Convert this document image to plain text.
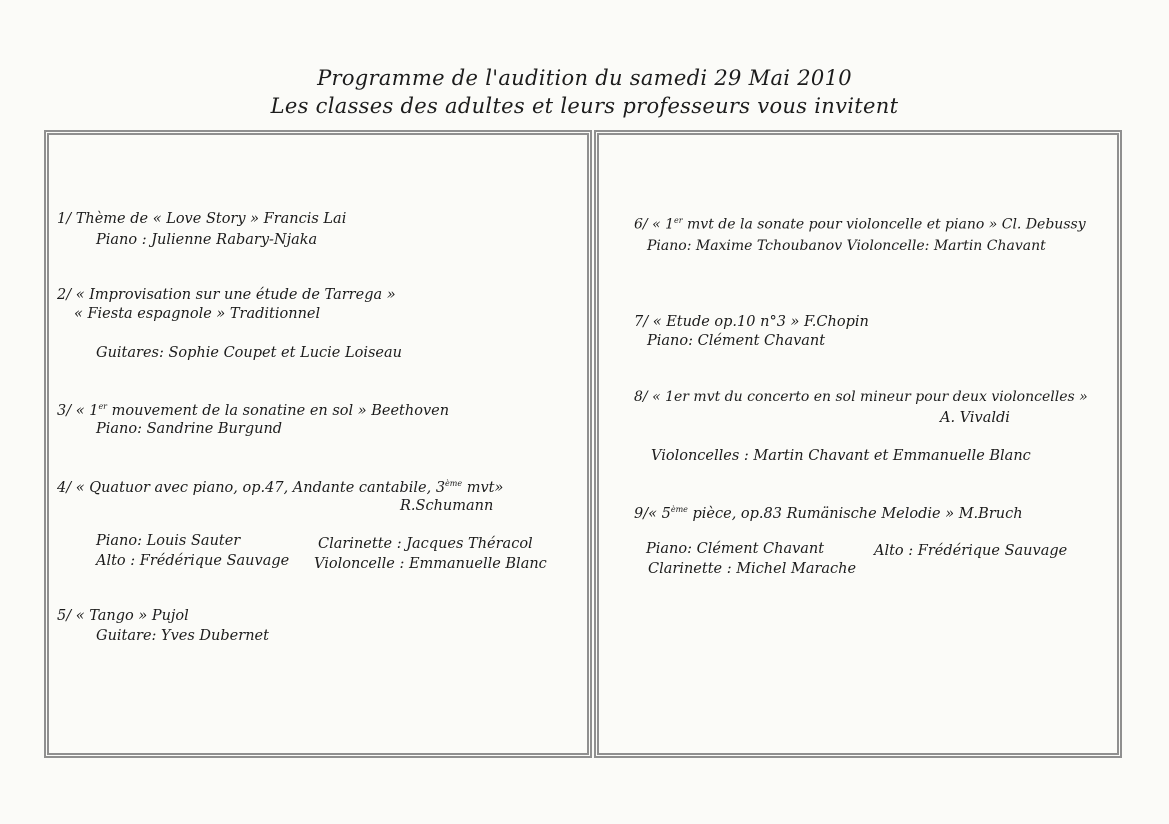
Programme de l'audition du samedi 29 Mai 2010
Les classes des adultes et leurs professeurs vous invitent
1/ Thème de « Love Story » Francis Lai
Piano : Julienne Rabary-Njaka
2/ « Improvisation sur une étude de Tarrega »
« Fiesta espagnole » Traditionnel
Guitares: Sophie Coupet et Lucie Loiseau
3/ « 1er mouvement de la sonatine en sol » Beethoven
Piano: Sandrine Burgund
4/ « Quatuor avec piano, op.47, Andante cantabile, 3ème mvt»
R.Schumann
Piano: Louis Sauter
Alto : Frédérique Sauvage
Clarinette : Jacques Théracol
Violoncelle : Emmanuelle Blanc
5/ « Tango » Pujol
Guitare: Yves Dubernet
6/ « 1er mvt de la sonate pour violoncelle et piano » Cl. Debussy
Piano: Maxime Tchoubanov Violoncelle: Martin Chavant
7/ « Etude op.10 n°3 » F.Chopin
Piano: Clément Chavant
8/ « 1er mvt du concerto en sol mineur pour deux violoncelles »
A. Vivaldi
Violoncelles : Martin Chavant et Emmanuelle Blanc
9/« 5ème pièce, op.83 Rumänische Melodie » M.Bruch
Piano: Clément Chavant	Alto : Frédérique Sauvage
Clarinette : Michel Marache
